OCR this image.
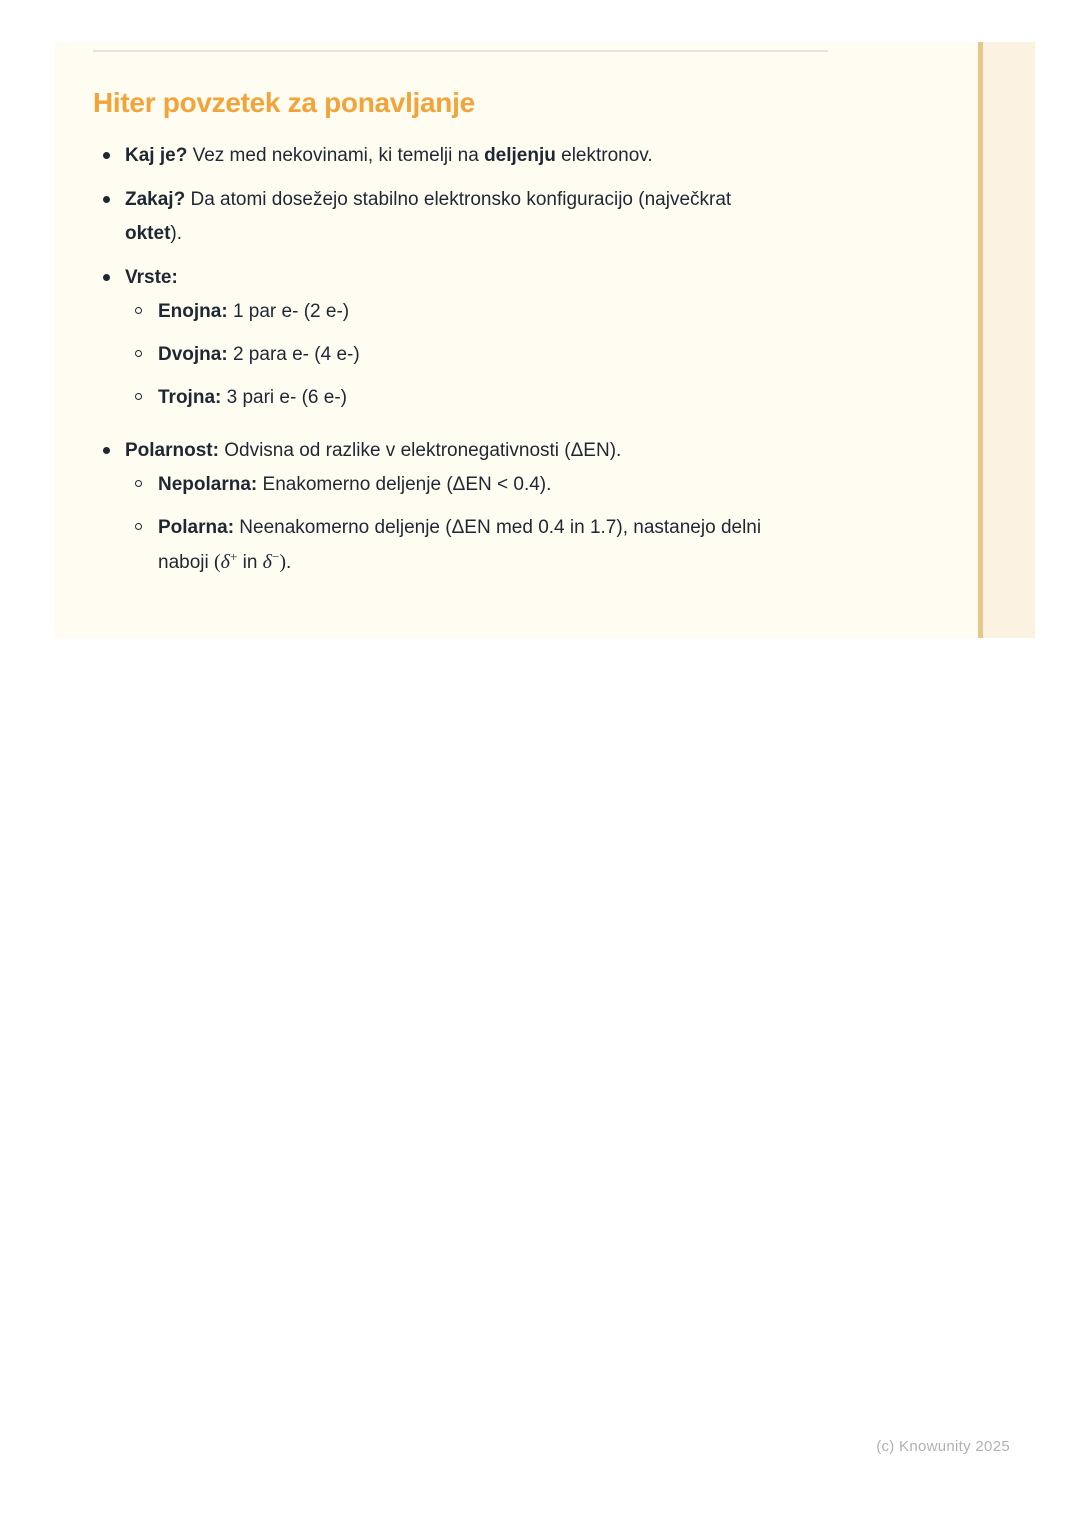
Hiter povzetek za ponavljanje
Kaj je? Vez med nekovinami, ki temelji na deljenju elektronov.
Zakaj? Da atomi dosežejo stabilno elektronsko konfiguracijo (največkrat
oktet).
Vrste:
Enojna: 1 par e- (2 e-)
Dvojna: 2 para e- (4 e-)
Trojna: 3 pari e- (6 e-)
Polarnost: Odvisna od razlike v elektronegativnosti (ΔEN).
Nepolarna: Enakomerno deljenje (ΔEN < 0.4).
Polarna: Neenakomerno deljenje (ΔEN med 0.4 in 1.7), nastanejo delni
naboji (δ+ in δ−).
(c) Knowunity 2025
